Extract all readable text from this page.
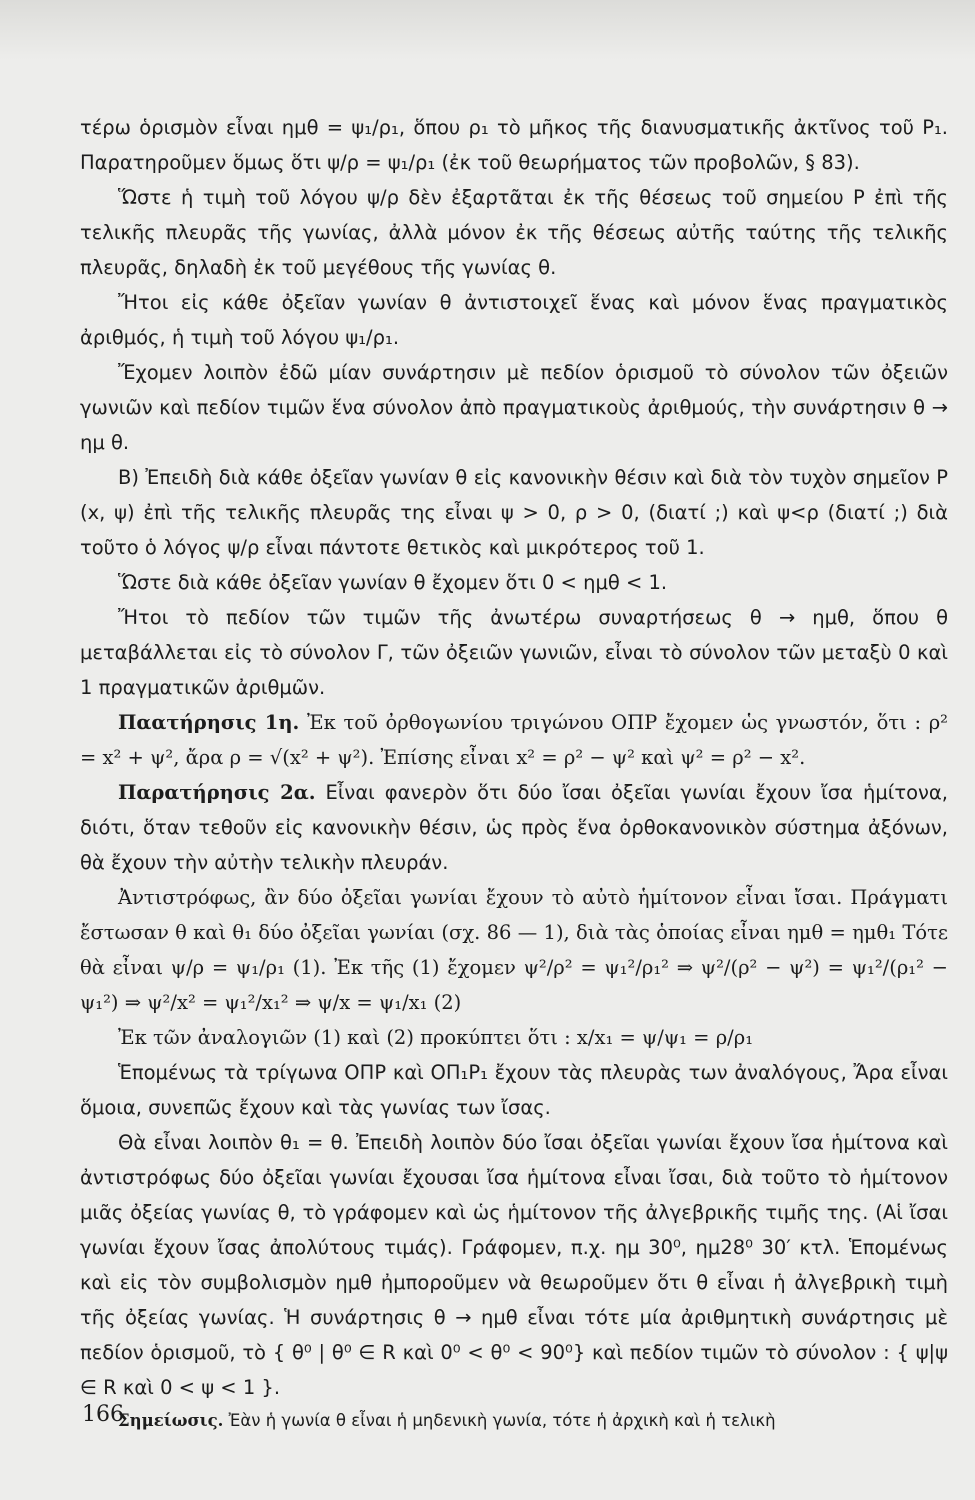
τέρω ὁρισμὸν εἶναι ημθ = ψ₁/ρ₁, ὅπου ρ₁ τὸ μῆκος τῆς διανυσματικῆς ἀκτῖνος τοῦ Ρ₁. Παρατηροῦμεν ὅμως ὅτι ψ/ρ = ψ₁/ρ₁ (ἐκ τοῦ θεωρήματος τῶν προβολῶν, § 83).

Ὥστε ἡ τιμὴ τοῦ λόγου ψ/ρ δὲν ἐξαρτᾶται ἐκ τῆς θέσεως τοῦ σημείου Ρ ἐπὶ τῆς τελικῆς πλευρᾶς τῆς γωνίας, ἀλλὰ μόνον ἐκ τῆς θέσεως αὐτῆς ταύτης τῆς τελικῆς πλευρᾶς, δηλαδὴ ἐκ τοῦ μεγέθους τῆς γωνίας θ.

Ἤτοι εἰς κάθε ὀξεῖαν γωνίαν θ ἀντιστοιχεῖ ἕνας καὶ μόνον ἕνας πραγματικὸς ἀριθμός, ἡ τιμὴ τοῦ λόγου ψ₁/ρ₁.

Ἔχομεν λοιπὸν ἐδῶ μίαν συνάρτησιν μὲ πεδίον ὁρισμοῦ τὸ σύνολον τῶν ὀξειῶν γωνιῶν καὶ πεδίον τιμῶν ἕνα σύνολον ἀπὸ πραγματικοὺς ἀριθμούς, τὴν συνάρτησιν θ → ημ θ.

Β) Ἐπειδὴ διὰ κάθε ὀξεῖαν γωνίαν θ εἰς κανονικὴν θέσιν καὶ διὰ τὸν τυχὸν σημεῖον Ρ (x, ψ) ἐπὶ τῆς τελικῆς πλευρᾶς της εἶναι ψ > 0, ρ > 0, (διατί ;) καὶ ψ<ρ (διατί ;) διὰ τοῦτο ὁ λόγος ψ/ρ εἶναι πάντοτε θετικὸς καὶ μικρότερος τοῦ 1.

Ὥστε διὰ κάθε ὀξεῖαν γωνίαν θ ἔχομεν ὅτι 0 < ημθ < 1.

Ἤτοι τὸ πεδίον τῶν τιμῶν τῆς ἀνωτέρω συναρτήσεως θ → ημθ, ὅπου θ μεταβάλλεται εἰς τὸ σύνολον Γ, τῶν ὀξειῶν γωνιῶν, εἶναι τὸ σύνολον τῶν μεταξὺ 0 καὶ 1 πραγματικῶν ἀριθμῶν.

Παατήρησις 1η. Ἐκ τοῦ ὀρθογωνίου τριγώνου ΟΠΡ ἔχομεν ὡς γνωστόν, ὅτι : ρ² = x² + ψ², ἄρα ρ = √(x² + ψ²). Ἐπίσης εἶναι x² = ρ² − ψ² καὶ ψ² = ρ² − x².

Παρατήρησις 2α. Εἶναι φανερὸν ὅτι δύο ἴσαι ὀξεῖαι γωνίαι ἔχουν ἴσα ἡμίτονα, διότι, ὅταν τεθοῦν εἰς κανονικὴν θέσιν, ὡς πρὸς ἕνα ὀρθοκανονικὸν σύστημα ἀξόνων, θὰ ἔχουν τὴν αὐτὴν τελικὴν πλευράν.

Ἀντιστρόφως, ἂν δύο ὀξεῖαι γωνίαι ἔχουν τὸ αὐτὸ ἡμίτονον εἶναι ἴσαι. Πράγματι ἔστωσαν θ καὶ θ₁ δύο ὀξεῖαι γωνίαι (σχ. 86 — 1), διὰ τὰς ὁποίας εἶναι ημθ = ημθ₁ Τότε θὰ εἶναι ψ/ρ = ψ₁/ρ₁ (1). Ἐκ τῆς (1) ἔχομεν ψ²/ρ² = ψ₁²/ρ₁² ⇒ ψ²/(ρ² − ψ²) = ψ₁²/(ρ₁² − ψ₁²) ⇒ ψ²/x² = ψ₁²/x₁² ⇒ ψ/x = ψ₁/x₁ (2)

Ἐκ τῶν ἀναλογιῶν (1) καὶ (2) προκύπτει ὅτι : x/x₁ = ψ/ψ₁ = ρ/ρ₁

Ἑπομένως τὰ τρίγωνα ΟΠΡ καὶ ΟΠ₁Ρ₁ ἔχουν τὰς πλευρὰς των ἀναλόγους, Ἄρα εἶναι ὅμοια, συνεπῶς ἔχουν καὶ τὰς γωνίας των ἴσας.

Θὰ εἶναι λοιπὸν θ₁ = θ. Ἐπειδὴ λοιπὸν δύο ἴσαι ὀξεῖαι γωνίαι ἔχουν ἴσα ἡμίτονα καὶ ἀντιστρόφως δύο ὀξεῖαι γωνίαι ἔχουσαι ἴσα ἡμίτονα εἶναι ἴσαι, διὰ τοῦτο τὸ ἡμίτονον μιᾶς ὀξείας γωνίας θ, τὸ γράφομεν καὶ ὡς ἡμίτονον τῆς ἀλγεβρικῆς τιμῆς της. (Αἱ ἴσαι γωνίαι ἔχουν ἴσας ἀπολύτους τιμάς). Γράφομεν, π.χ. ημ 30⁰, ημ28⁰ 30′ κτλ. Ἑπομένως καὶ εἰς τὸν συμβολισμὸν ημθ ἠμποροῦμεν νὰ θεωροῦμεν ὅτι θ εἶναι ἡ ἀλγεβρικὴ τιμὴ τῆς ὀξείας γωνίας. Ἡ συνάρτησις θ → ημθ εἶναι τότε μία ἀριθμητικὴ συνάρτησις μὲ πεδίον ὁρισμοῦ, τὸ { θ⁰ | θ⁰ ∈ R καὶ 0⁰ < θ⁰ < 90⁰} καὶ πεδίον τιμῶν τὸ σύνολον : { ψ|ψ ∈ R καὶ 0 < ψ < 1 }.

Σημείωσις. Ἐὰν ἡ γωνία θ εἶναι ἡ μηδενικὴ γωνία, τότε ἡ ἀρχικὴ καὶ ἡ τελικὴ

166
